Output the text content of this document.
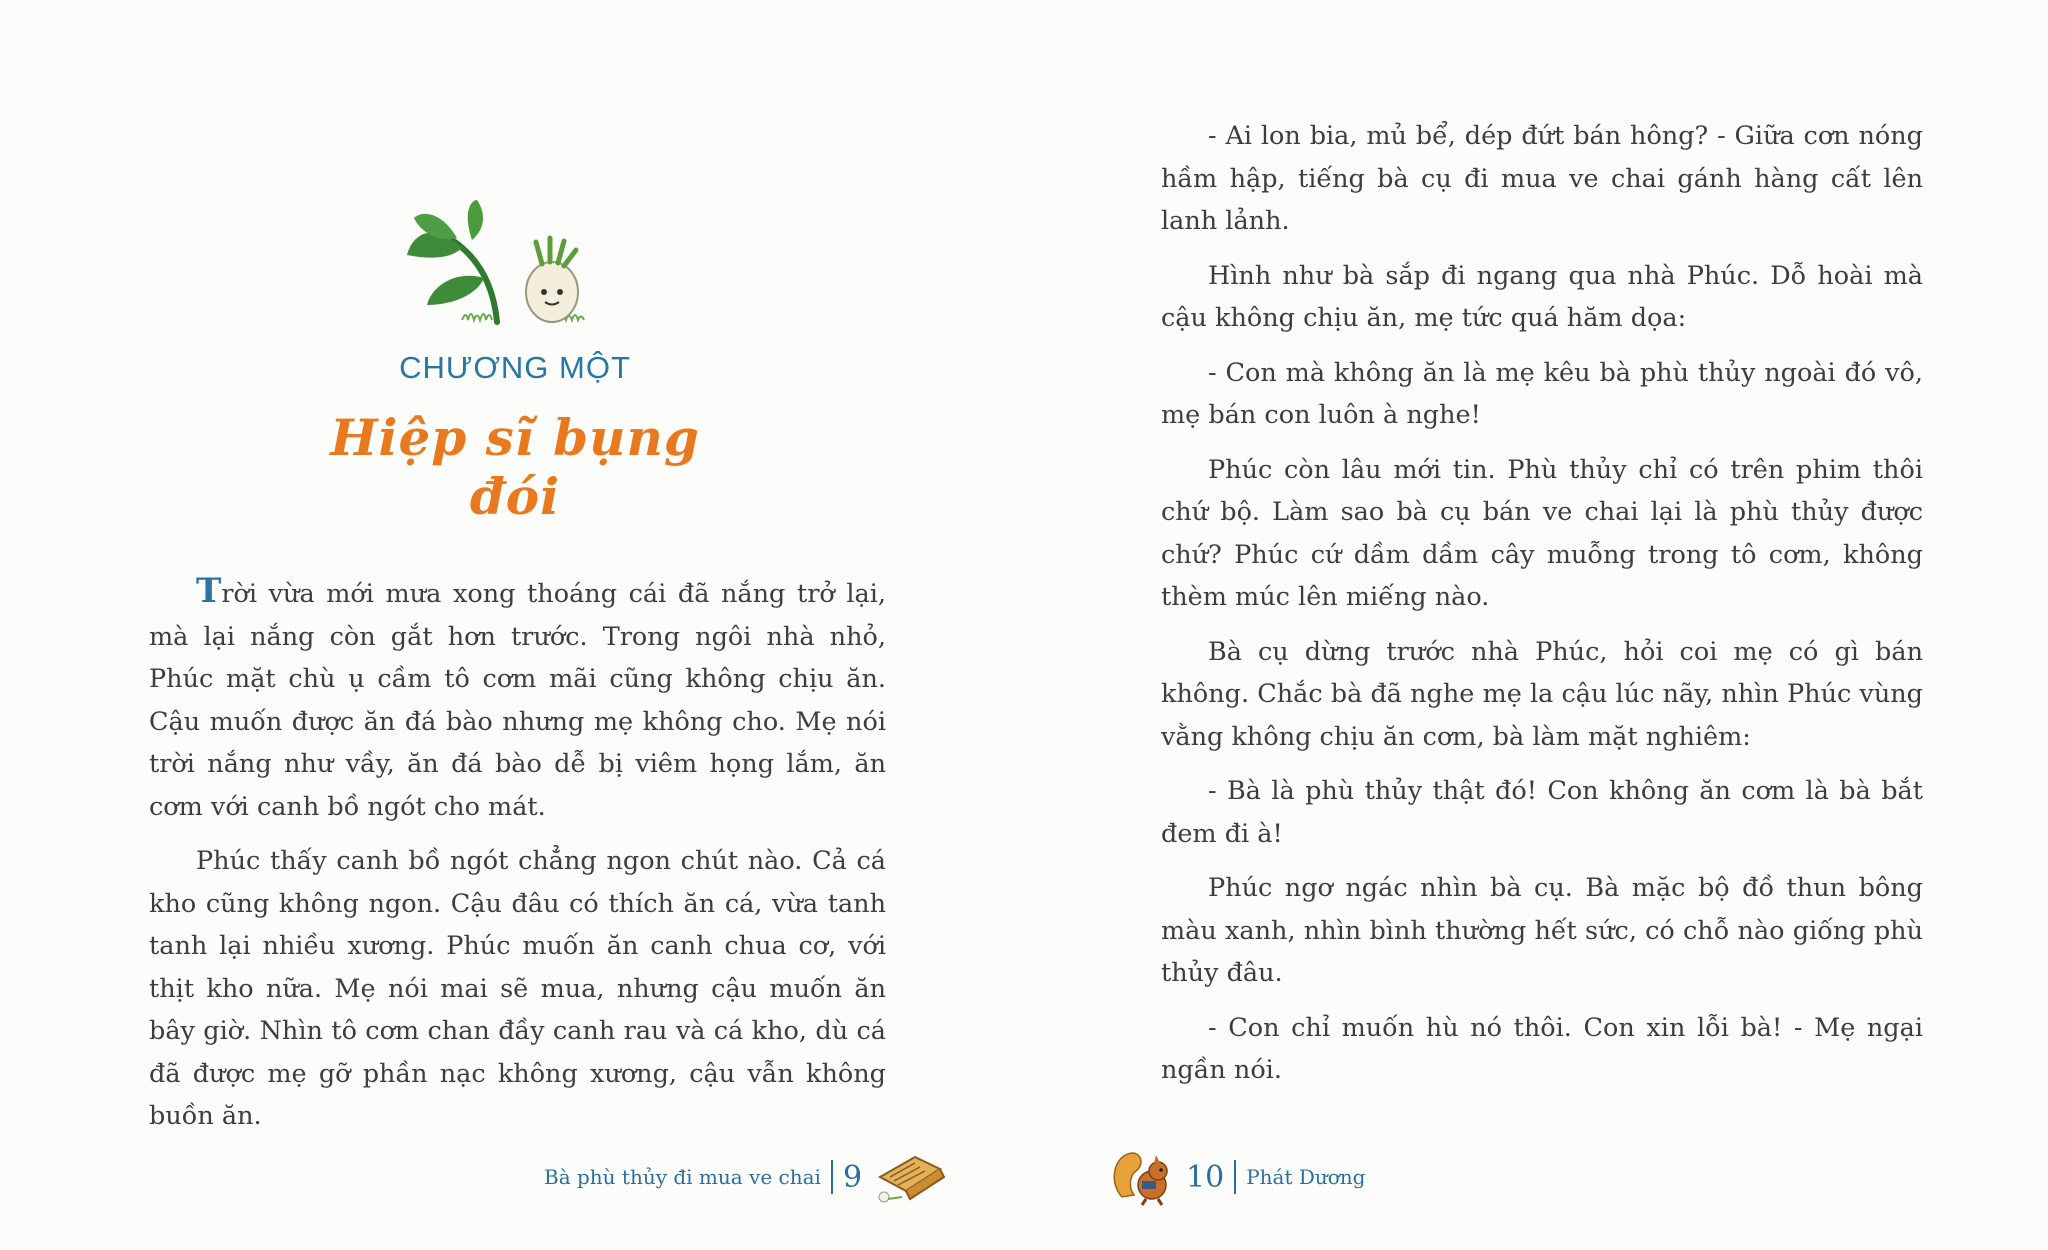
CHƯƠNG MỘT
Hiệp sĩ bụng đói

Trời vừa mới mưa xong thoáng cái đã nắng trở lại, mà lại nắng còn gắt hơn trước. Trong ngôi nhà nhỏ, Phúc mặt chù ụ cầm tô cơm mãi cũng không chịu ăn. Cậu muốn được ăn đá bào nhưng mẹ không cho. Mẹ nói trời nắng như vầy, ăn đá bào dễ bị viêm họng lắm, ăn cơm với canh bồ ngót cho mát.

Phúc thấy canh bồ ngót chẳng ngon chút nào. Cả cá kho cũng không ngon. Cậu đâu có thích ăn cá, vừa tanh tanh lại nhiều xương. Phúc muốn ăn canh chua cơ, với thịt kho nữa. Mẹ nói mai sẽ mua, nhưng cậu muốn ăn bây giờ. Nhìn tô cơm chan đầy canh rau và cá kho, dù cá đã được mẹ gỡ phần nạc không xương, cậu vẫn không buồn ăn.

Bà phù thủy đi mua ve chai 9

- Ai lon bia, mủ bể, dép đứt bán hông? - Giữa cơn nóng hầm hập, tiếng bà cụ đi mua ve chai gánh hàng cất lên lanh lảnh.

Hình như bà sắp đi ngang qua nhà Phúc. Dỗ hoài mà cậu không chịu ăn, mẹ tức quá hăm dọa:

- Con mà không ăn là mẹ kêu bà phù thủy ngoài đó vô, mẹ bán con luôn à nghe!

Phúc còn lâu mới tin. Phù thủy chỉ có trên phim thôi chứ bộ. Làm sao bà cụ bán ve chai lại là phù thủy được chứ? Phúc cứ dầm dầm cây muỗng trong tô cơm, không thèm múc lên miếng nào.

Bà cụ dừng trước nhà Phúc, hỏi coi mẹ có gì bán không. Chắc bà đã nghe mẹ la cậu lúc nãy, nhìn Phúc vùng vằng không chịu ăn cơm, bà làm mặt nghiêm:

- Bà là phù thủy thật đó! Con không ăn cơm là bà bắt đem đi à!

Phúc ngơ ngác nhìn bà cụ. Bà mặc bộ đồ thun bông màu xanh, nhìn bình thường hết sức, có chỗ nào giống phù thủy đâu.

- Con chỉ muốn hù nó thôi. Con xin lỗi bà! - Mẹ ngại ngần nói.

10 Phát Dương
